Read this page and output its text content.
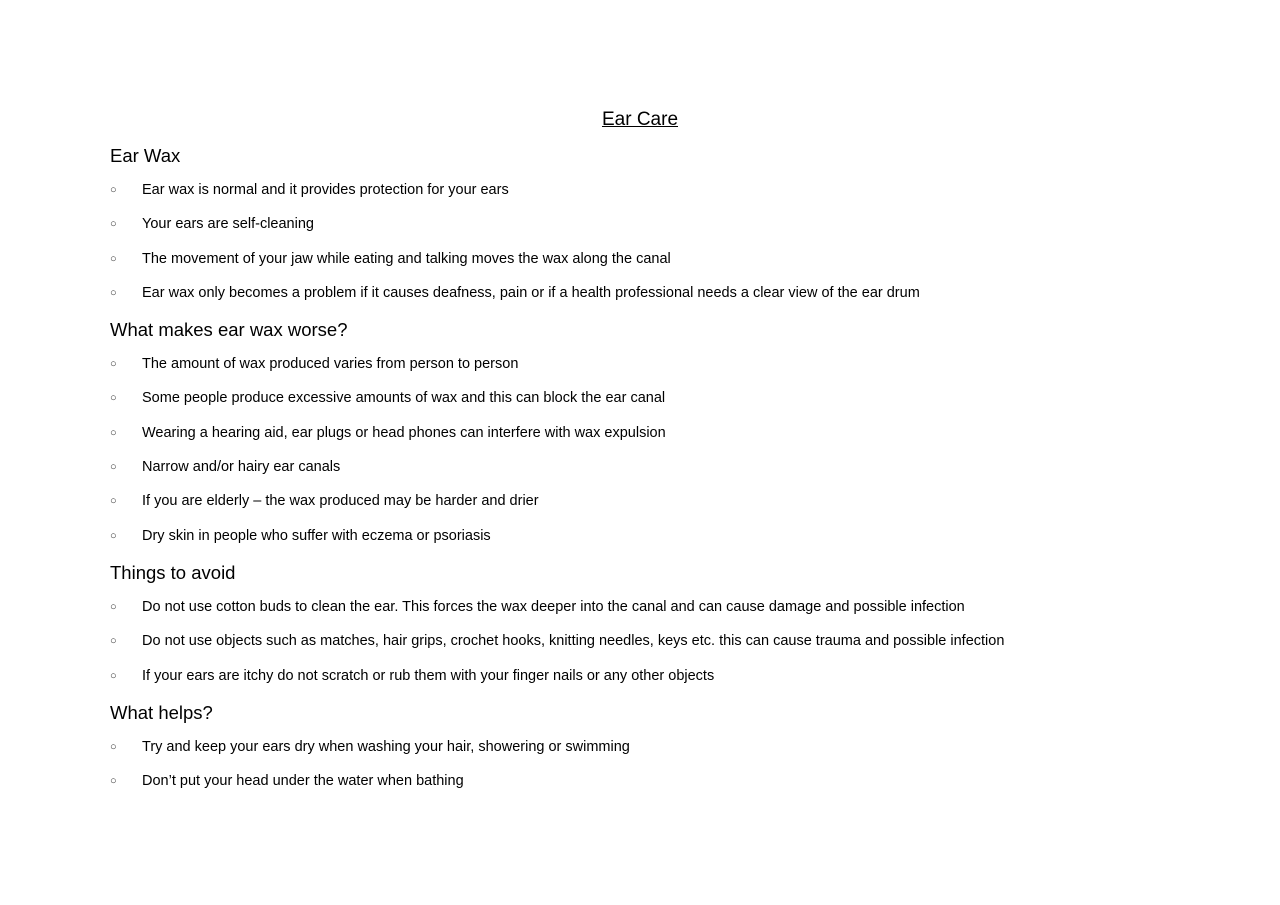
Ear Care
Ear Wax
○ Ear wax is normal and it provides protection for your ears
○ Your ears are self-cleaning
○ The movement of your jaw while eating and talking moves the wax along the canal
○ Ear wax only becomes a problem if it causes deafness, pain or if a health professional needs a clear view of the ear drum
What makes ear wax worse?
○ The amount of wax produced varies from person to person
○ Some people produce excessive amounts of wax and this can block the ear canal
○ Wearing a hearing aid, ear plugs or head phones can interfere with wax expulsion
○ Narrow and/or hairy ear canals
○ If you are elderly – the wax produced may be harder and drier
○ Dry skin in people who suffer with eczema or psoriasis
Things to avoid
○ Do not use cotton buds to clean the ear. This forces the wax deeper into the canal and can cause damage and possible infection
○ Do not use objects such as matches, hair grips, crochet hooks, knitting needles, keys etc. this can cause trauma and possible infection
○ If your ears are itchy do not scratch or rub them with your finger nails or any other objects
What helps?
○ Try and keep your ears dry when washing your hair, showering or swimming
○ Don’t put your head under the water when bathing
